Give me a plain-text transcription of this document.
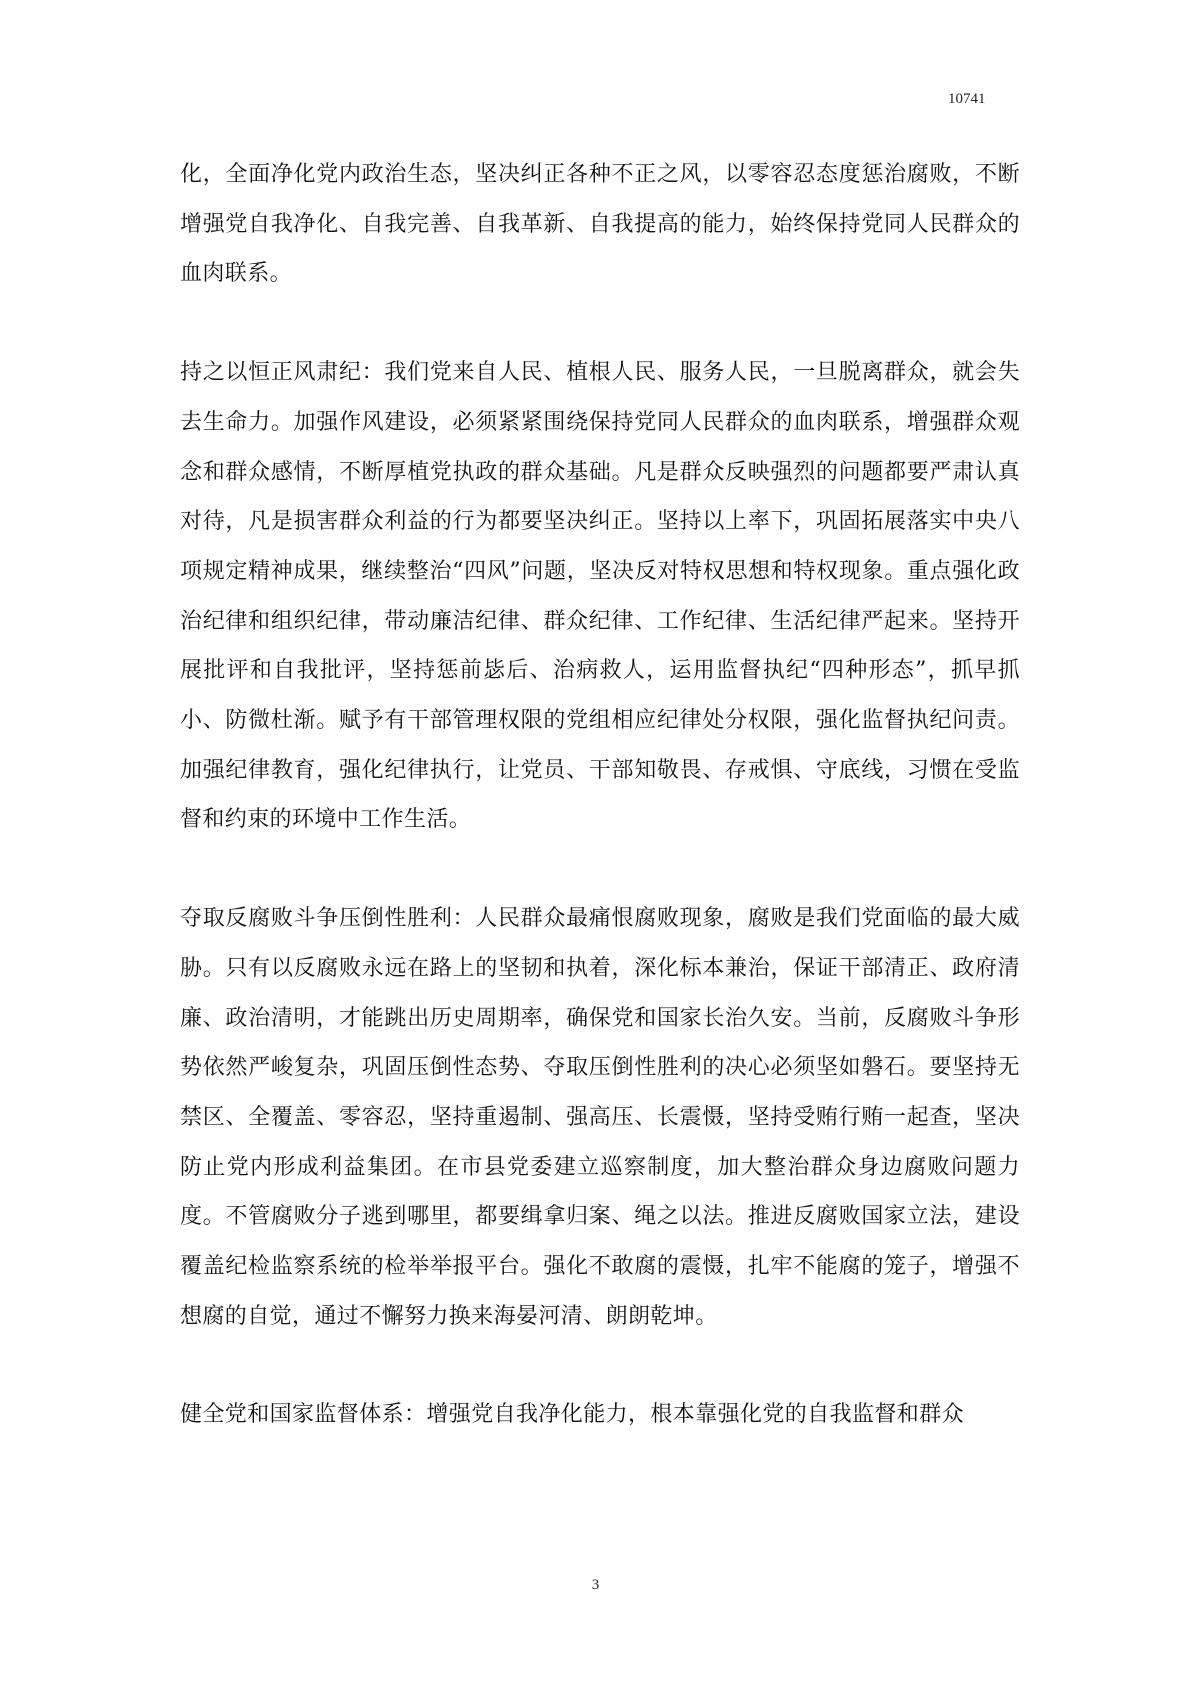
10741

化，全面净化党内政治生态，坚决纠正各种不正之风，以零容忍态度惩治腐败，不断增强党自我净化、自我完善、自我革新、自我提高的能力，始终保持党同人民群众的血肉联系。

持之以恒正风肃纪：我们党来自人民、植根人民、服务人民，一旦脱离群众，就会失去生命力。加强作风建设，必须紧紧围绕保持党同人民群众的血肉联系，增强群众观念和群众感情，不断厚植党执政的群众基础。凡是群众反映强烈的问题都要严肃认真对待，凡是损害群众利益的行为都要坚决纠正。坚持以上率下，巩固拓展落实中央八项规定精神成果，继续整治“四风”问题，坚决反对特权思想和特权现象。重点强化政治纪律和组织纪律，带动廉洁纪律、群众纪律、工作纪律、生活纪律严起来。坚持开展批评和自我批评，坚持惩前毖后、治病救人，运用监督执纪“四种形态”，抓早抓小、防微杜渐。赋予有干部管理权限的党组相应纪律处分权限，强化监督执纪问责。加强纪律教育，强化纪律执行，让党员、干部知敬畏、存戒惧、守底线，习惯在受监督和约束的环境中工作生活。

夺取反腐败斗争压倒性胜利：人民群众最痛恨腐败现象，腐败是我们党面临的最大威胁。只有以反腐败永远在路上的坚韧和执着，深化标本兼治，保证干部清正、政府清廉、政治清明，才能跳出历史周期率，确保党和国家长治久安。当前，反腐败斗争形势依然严峻复杂，巩固压倒性态势、夺取压倒性胜利的决心必须坚如磐石。要坚持无禁区、全覆盖、零容忍，坚持重遏制、强高压、长震慑，坚持受贿行贿一起查，坚决防止党内形成利益集团。在市县党委建立巡察制度，加大整治群众身边腐败问题力度。不管腐败分子逃到哪里，都要缉拿归案、绳之以法。推进反腐败国家立法，建设覆盖纪检监察系统的检举举报平台。强化不敢腐的震慑，扎牢不能腐的笼子，增强不想腐的自觉，通过不懈努力换来海晏河清、朗朗乾坤。

健全党和国家监督体系：增强党自我净化能力，根本靠强化党的自我监督和群众

3
